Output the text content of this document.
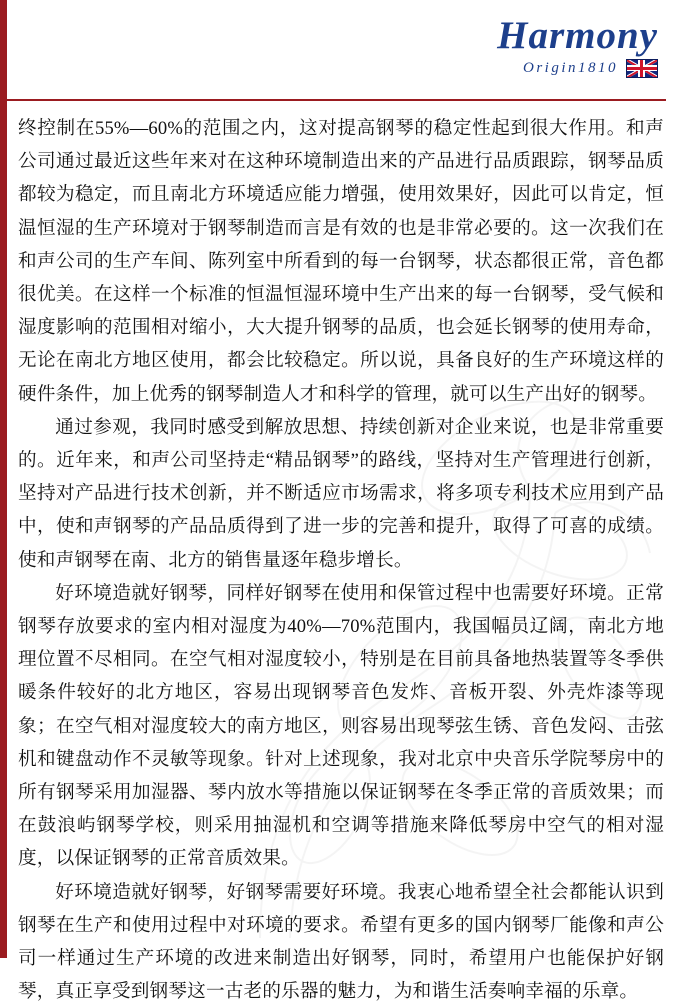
Harmony
Origin1810

终控制在55%—60%的范围之内，这对提高钢琴的稳定性起到很大作用。和声公司通过最近这些年来对在这种环境制造出来的产品进行品质跟踪，钢琴品质都较为稳定，而且南北方环境适应能力增强，使用效果好，因此可以肯定，恒温恒湿的生产环境对于钢琴制造而言是有效的也是非常必要的。这一次我们在和声公司的生产车间、陈列室中所看到的每一台钢琴，状态都很正常，音色都很优美。在这样一个标准的恒温恒湿环境中生产出来的每一台钢琴，受气候和湿度影响的范围相对缩小，大大提升钢琴的品质，也会延长钢琴的使用寿命，无论在南北方地区使用，都会比较稳定。所以说，具备良好的生产环境这样的硬件条件，加上优秀的钢琴制造人才和科学的管理，就可以生产出好的钢琴。

通过参观，我同时感受到解放思想、持续创新对企业来说，也是非常重要的。近年来，和声公司坚持走“精品钢琴”的路线，坚持对生产管理进行创新，坚持对产品进行技术创新，并不断适应市场需求，将多项专利技术应用到产品中，使和声钢琴的产品品质得到了进一步的完善和提升，取得了可喜的成绩。使和声钢琴在南、北方的销售量逐年稳步增长。

好环境造就好钢琴，同样好钢琴在使用和保管过程中也需要好环境。正常钢琴存放要求的室内相对湿度为40%—70%范围内，我国幅员辽阔，南北方地理位置不尽相同。在空气相对湿度较小，特别是在目前具备地热装置等冬季供暖条件较好的北方地区，容易出现钢琴音色发炸、音板开裂、外壳炸漆等现象；在空气相对湿度较大的南方地区，则容易出现琴弦生锈、音色发闷、击弦机和键盘动作不灵敏等现象。针对上述现象，我对北京中央音乐学院琴房中的所有钢琴采用加湿器、琴内放水等措施以保证钢琴在冬季正常的音质效果；而在鼓浪屿钢琴学校，则采用抽湿机和空调等措施来降低琴房中空气的相对湿度，以保证钢琴的正常音质效果。

好环境造就好钢琴，好钢琴需要好环境。我衷心地希望全社会都能认识到钢琴在生产和使用过程中对环境的要求。希望有更多的国内钢琴厂能像和声公司一样通过生产环境的改进来制造出好钢琴，同时，希望用户也能保护好钢琴，真正享受到钢琴这一古老的乐器的魅力，为和谐生活奏响幸福的乐章。
